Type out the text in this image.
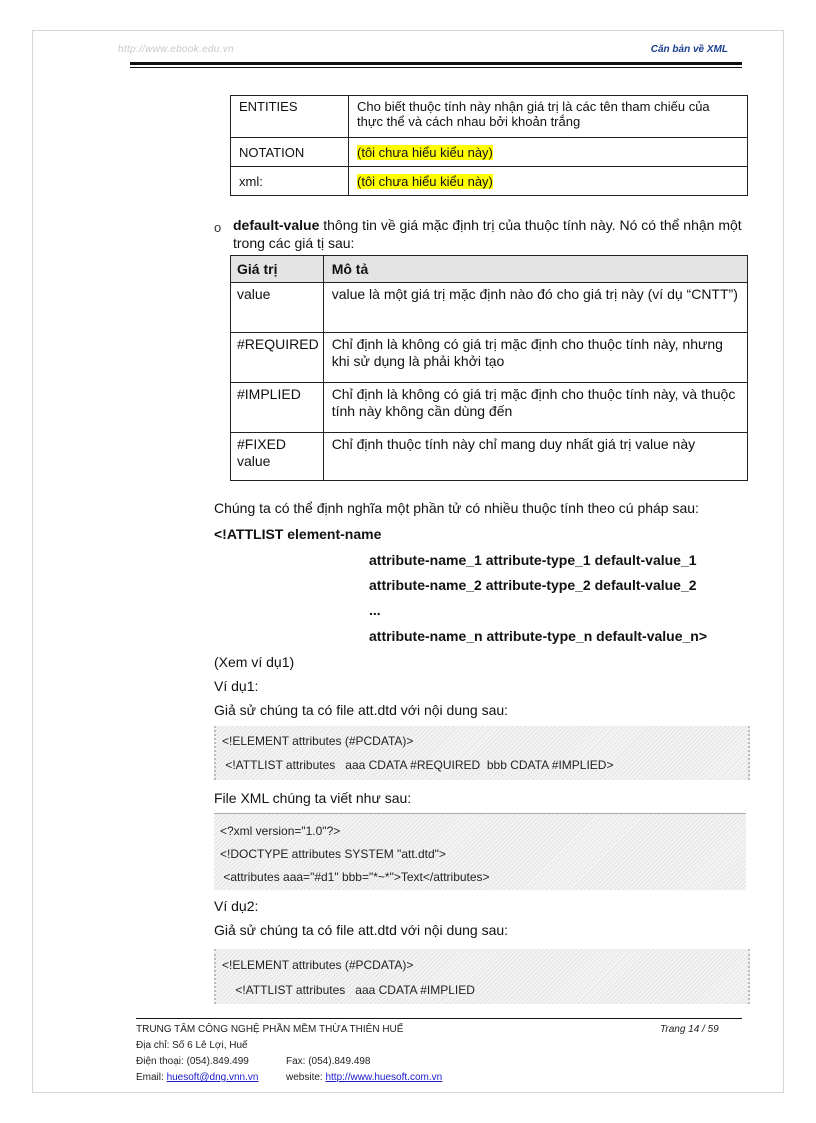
http://www.ebook.edu.vn	Căn bản về XML
ENTITIES	Cho biết thuộc tính này nhận giá trị là các tên tham chiếu của thực thể và cách nhau bởi khoản trắng
NOTATION	(tôi chưa hiểu kiểu này)
xml:	(tôi chưa hiểu kiểu này)
o default-value thông tin về giá mặc định trị của thuộc tính này. Nó có thể nhận một trong các giá tị sau:
Giá trị	Mô tả
value	value là một giá trị mặc định nào đó cho giá trị này (ví dụ “CNTT”)
#REQUIRED	Chỉ định là không có giá trị mặc định cho thuộc tính này, nhưng khi sử dụng là phải khởi tạo
#IMPLIED	Chỉ định là không có giá trị mặc định cho thuộc tính này, và thuộc tính này không cần dùng đến
#FIXED value	Chỉ định thuộc tính này chỉ mang duy nhất giá trị value này
Chúng ta có thể định nghĩa một phần tử có nhiều thuộc tính theo cú pháp sau:
<!ATTLIST element-name
attribute-name_1 attribute-type_1 default-value_1
attribute-name_2 attribute-type_2 default-value_2
...
attribute-name_n attribute-type_n default-value_n>
(Xem ví dụ1)
Ví dụ1:
Giả sử chúng ta có file att.dtd với nội dung sau:
<!ELEMENT attributes (#PCDATA)>
<!ATTLIST attributes   aaa CDATA #REQUIRED  bbb CDATA #IMPLIED>
File XML chúng ta viết như sau:
<?xml version="1.0"?>
<!DOCTYPE attributes SYSTEM "att.dtd">
<attributes aaa="#d1" bbb="*~*">Text</attributes>
Ví dụ2:
Giả sử chúng ta có file att.dtd với nội dung sau:
<!ELEMENT attributes (#PCDATA)>
<!ATTLIST attributes   aaa CDATA #IMPLIED
TRUNG TÂM CÔNG NGHỆ PHẦN MỀM THỪA THIÊN HUẾ	Trang 14 / 59
Địa chỉ: Số 6 Lê Lợi, Huế
Điện thoại: (054).849.499	Fax: (054).849.498
Email: huesoft@dng.vnn.vn	website: http://www.huesoft.com.vn
